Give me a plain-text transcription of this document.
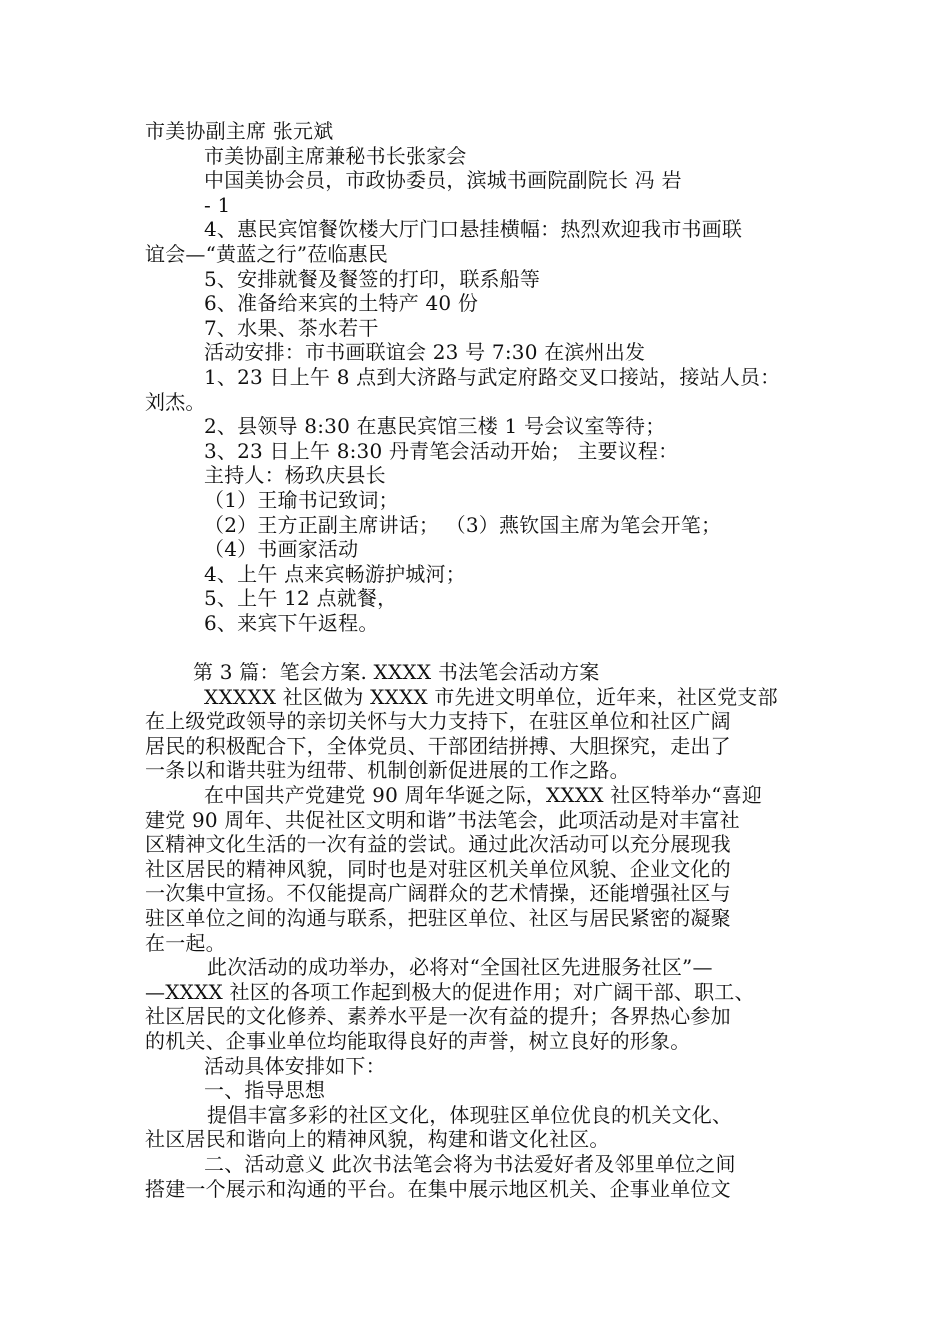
市美协副主席 张元斌
市美协副主席兼秘书长张家会
中国美协会员，市政协委员，滨城书画院副院长 冯 岩
- 1
4、惠民宾馆餐饮楼大厅门口悬挂横幅：热烈欢迎我市书画联
谊会—“黄蓝之行”莅临惠民
5、安排就餐及餐签的打印，联系船等
6、准备给来宾的土特产 40 份
7、水果、茶水若干
活动安排：市书画联谊会 23 号 7:30 在滨州出发
1、23 日上午 8 点到大济路与武定府路交叉口接站，接站人员：
刘杰。
2、县领导 8:30 在惠民宾馆三楼 1 号会议室等待；
3、23 日上午 8:30 丹青笔会活动开始； 主要议程：
主持人：杨玖庆县长
（1）王瑜书记致词；
（2）王方正副主席讲话； （3）燕钦国主席为笔会开笔；
（4）书画家活动
4、上午 点来宾畅游护城河；
5、上午 12 点就餐，
6、来宾下午返程。
第 3 篇：笔会方案. XXXX 书法笔会活动方案
XXXXX 社区做为 XXXX 市先进文明单位，近年来，社区党支部
在上级党政领导的亲切关怀与大力支持下，在驻区单位和社区广阔
居民的积极配合下，全体党员、干部团结拼搏、大胆探究，走出了
一条以和谐共驻为纽带、机制创新促进展的工作之路。
在中国共产党建党 90 周年华诞之际，XXXX 社区特举办“喜迎
建党 90 周年、共促社区文明和谐”书法笔会，此项活动是对丰富社
区精神文化生活的一次有益的尝试。通过此次活动可以充分展现我
社区居民的精神风貌，同时也是对驻区机关单位风貌、企业文化的
一次集中宣扬。不仅能提高广阔群众的艺术情操，还能增强社区与
驻区单位之间的沟通与联系，把驻区单位、社区与居民紧密的凝聚
在一起。
此次活动的成功举办，必将对“全国社区先进服务社区”—
—XXXX 社区的各项工作起到极大的促进作用；对广阔干部、职工、
社区居民的文化修养、素养水平是一次有益的提升；各界热心参加
的机关、企事业单位均能取得良好的声誉，树立良好的形象。
活动具体安排如下：
一、指导思想
提倡丰富多彩的社区文化，体现驻区单位优良的机关文化、
社区居民和谐向上的精神风貌，构建和谐文化社区。
二、活动意义 此次书法笔会将为书法爱好者及邻里单位之间
搭建一个展示和沟通的平台。在集中展示地区机关、企事业单位文
